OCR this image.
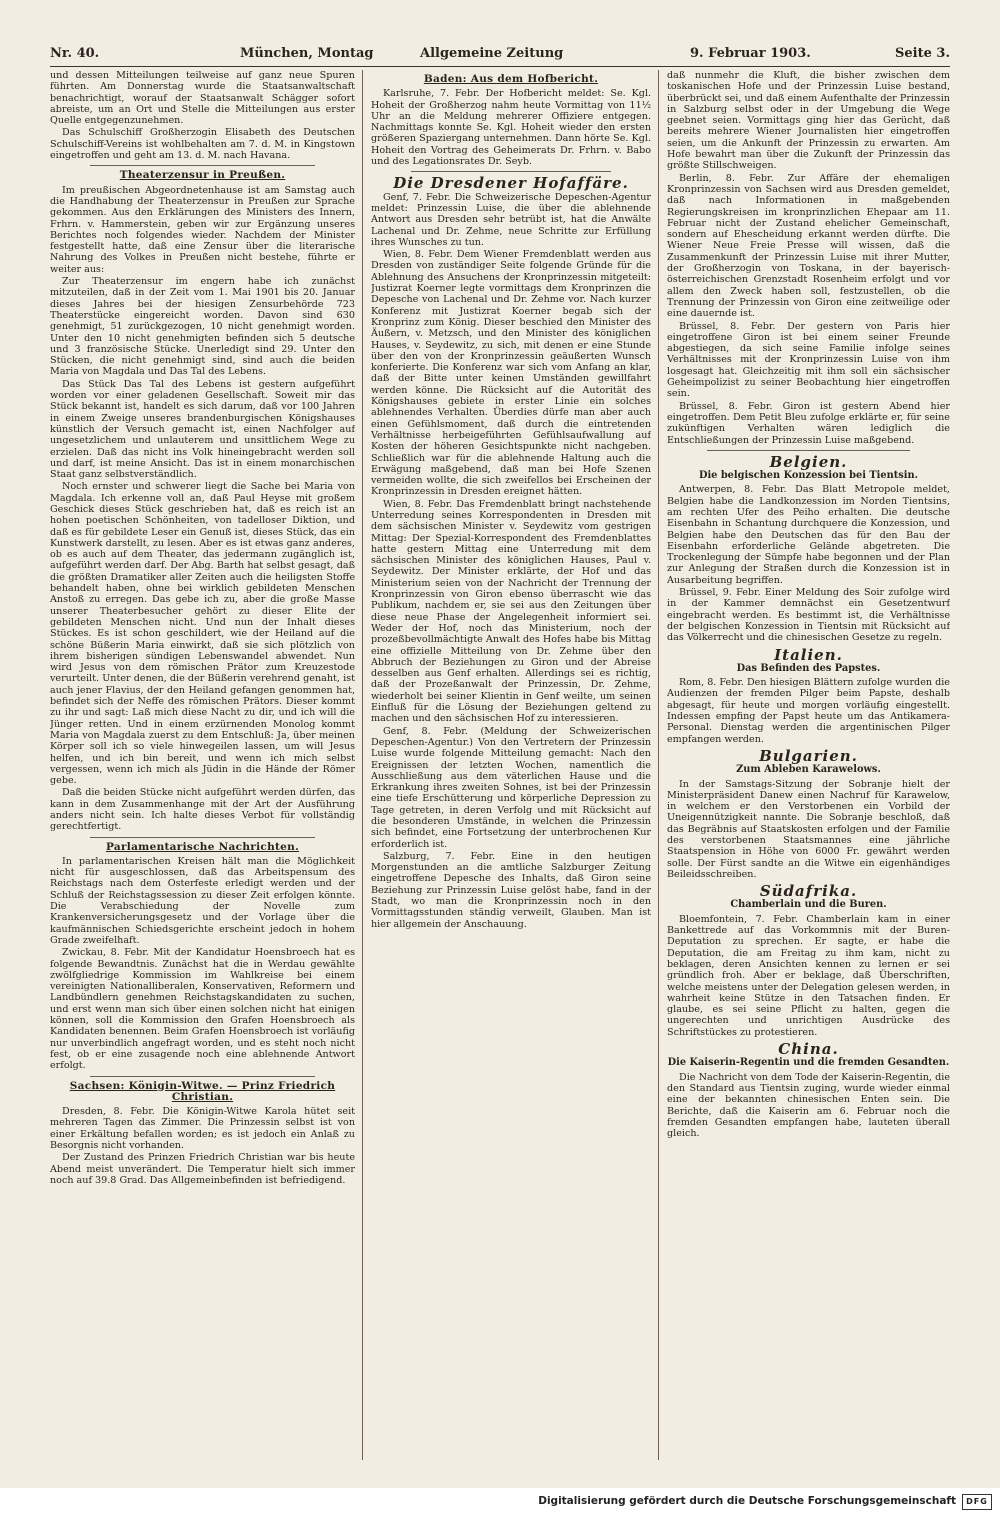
Nr. 40.	München, Montag	Allgemeine Zeitung	9. Februar 1903.	Seite 3.

und dessen Mitteilungen teilweise auf ganz neue Spuren führten. Am Donnerstag wurde die Staatsanwaltschaft benachrichtigt, worauf der Staatsanwalt Schägger sofort abreiste, um an Ort und Stelle die Mitteilungen aus erster Quelle entgegenzunehmen.

Das Schulschiff Großherzogin Elisabeth des Deutschen Schulschiff-Vereins ist wohlbehalten am 7. d. M. in Kingstown eingetroffen und geht am 13. d. M. nach Havana.

Theaterzensur in Preußen.

Im preußischen Abgeordnetenhause ist am Samstag auch die Handhabung der Theaterzensur in Preußen zur Sprache gekommen. Aus den Erklärungen des Ministers des Innern, Frhrn. v. Hammerstein, geben wir zur Ergänzung unseres Berichtes noch folgendes wieder. Nachdem der Minister festgestellt hatte, daß eine Zensur über die literarische Nahrung des Volkes in Preußen nicht bestehe, führte er weiter aus:

Zur Theaterzensur im engern habe ich zunächst mitzuteilen, daß in der Zeit vom 1. Mai 1901 bis 20. Januar dieses Jahres bei der hiesigen Zensurbehörde 723 Theaterstücke eingereicht worden. Davon sind 630 genehmigt, 51 zurückgezogen, 10 nicht genehmigt worden. Unter den 10 nicht genehmigten befinden sich 5 deutsche und 3 französische Stücke. Unerledigt sind 29. Unter den Stücken, die nicht genehmigt sind, sind auch die beiden Maria von Magdala und Das Tal des Lebens.

Das Stück Das Tal des Lebens ist gestern aufgeführt worden vor einer geladenen Gesellschaft. Soweit mir das Stück bekannt ist, handelt es sich darum, daß vor 100 Jahren in einem Zweige unseres brandenburgischen Königshauses künstlich der Versuch gemacht ist, einen Nachfolger auf ungesetzlichem und unlauterem und unsittlichem Wege zu erzielen. Daß das nicht ins Volk hineingebracht werden soll und darf, ist meine Ansicht. Das ist in einem monarchischen Staat ganz selbstverständlich.

Noch ernster und schwerer liegt die Sache bei Maria von Magdala. Ich erkenne voll an, daß Paul Heyse mit großem Geschick dieses Stück geschrieben hat, daß es reich ist an hohen poetischen Schönheiten, von tadelloser Diktion, und daß es für gebildete Leser ein Genuß ist, dieses Stück, das ein Kunstwerk darstellt, zu lesen. Aber es ist etwas ganz anderes, ob es auch auf dem Theater, das jedermann zugänglich ist, aufgeführt werden darf. Der Abg. Barth hat selbst gesagt, daß die größten Dramatiker aller Zeiten auch die heiligsten Stoffe behandelt haben, ohne bei wirklich gebildeten Menschen Anstoß zu erregen. Das gebe ich zu, aber die große Masse unserer Theaterbesucher gehört zu dieser Elite der gebildeten Menschen nicht. Und nun der Inhalt dieses Stückes. Es ist schon geschildert, wie der Heiland auf die schöne Büßerin Maria einwirkt, daß sie sich plötzlich von ihrem bisherigen sündigen Lebenswandel abwendet. Nun wird Jesus von dem römischen Prätor zum Kreuzestode verurteilt. Unter denen, die der Büßerin verehrend genaht, ist auch jener Flavius, der den Heiland gefangen genommen hat, befindet sich der Neffe des römischen Prätors. Dieser kommt zu ihr und sagt: Laß mich diese Nacht zu dir, und ich will die Jünger retten. Und in einem erzürnenden Monolog kommt Maria von Magdala zuerst zu dem Entschluß: Ja, über meinen Körper soll ich so viele hinwegeilen lassen, um will Jesus helfen, und ich bin bereit, und wenn ich mich selbst vergessen, wenn ich mich als Jüdin in die Hände der Römer gebe.

Daß die beiden Stücke nicht aufgeführt werden dürfen, das kann in dem Zusammenhange mit der Art der Ausführung anders nicht sein. Ich halte dieses Verbot für vollständig gerechtfertigt.

Parlamentarische Nachrichten.

In parlamentarischen Kreisen hält man die Möglichkeit nicht für ausgeschlossen, daß das Arbeitspensum des Reichstags nach dem Osterfeste erledigt werden und der Schluß der Reichstagssession zu dieser Zeit erfolgen könnte. Die Verabschiedung der Novelle zum Krankenversicherungsgesetz und der Vorlage über die kaufmännischen Schiedsgerichte erscheint jedoch in hohem Grade zweifelhaft.

Zwickau, 8. Febr. Mit der Kandidatur Hoensbroech hat es folgende Bewandtnis. Zunächst hat die in Werdau gewählte zwölfgliedrige Kommission im Wahlkreise bei einem vereinigten Nationalliberalen, Konservativen, Reformern und Landbündlern genehmen Reichstagskandidaten zu suchen, und erst wenn man sich über einen solchen nicht hat einigen können, soll die Kommission den Grafen Hoensbroech als Kandidaten benennen. Beim Grafen Hoensbroech ist vorläufig nur unverbindlich angefragt worden, und es steht noch nicht fest, ob er eine zusagende noch eine ablehnende Antwort erfolgt.

Sachsen: Königin-Witwe. — Prinz Friedrich Christian.

Dresden, 8. Febr. Die Königin-Witwe Karola hütet seit mehreren Tagen das Zimmer. Die Prinzessin selbst ist von einer Erkältung befallen worden; es ist jedoch ein Anlaß zu Besorgnis nicht vorhanden.

Der Zustand des Prinzen Friedrich Christian war bis heute Abend meist unverändert. Die Temperatur hielt sich immer noch auf 39.8 Grad. Das Allgemeinbefinden ist befriedigend.

Baden: Aus dem Hofbericht.

Karlsruhe, 7. Febr. Der Hofbericht meldet: Se. Kgl. Hoheit der Großherzog nahm heute Vormittag von 11½ Uhr an die Meldung mehrerer Offiziere entgegen. Nachmittags konnte Se. Kgl. Hoheit wieder den ersten größeren Spaziergang unternehmen. Dann hörte Se. Kgl. Hoheit den Vortrag des Geheimerats Dr. Frhrn. v. Babo und des Legationsrates Dr. Seyb.

Die Dresdener Hofaffäre.

Genf, 7. Febr. Die Schweizerische Depeschen-Agentur meldet: Prinzessin Luise, die über die ablehnende Antwort aus Dresden sehr betrübt ist, hat die Anwälte Lachenal und Dr. Zehme, neue Schritte zur Erfüllung ihres Wunsches zu tun.

Wien, 8. Febr. Dem Wiener Fremdenblatt werden aus Dresden von zuständiger Seite folgende Gründe für die Ablehnung des Ansuchens der Kronprinzessin mitgeteilt: Justizrat Koerner legte vormittags dem Kronprinzen die Depesche von Lachenal und Dr. Zehme vor. Nach kurzer Konferenz mit Justizrat Koerner begab sich der Kronprinz zum König. Dieser beschied den Minister des Äußern, v. Metzsch, und den Minister des königlichen Hauses, v. Seydewitz, zu sich, mit denen er eine Stunde über den von der Kronprinzessin geäußerten Wunsch konferierte. Die Konferenz war sich vom Anfang an klar, daß der Bitte unter keinen Umständen gewillfahrt werden könne. Die Rücksicht auf die Autorität des Königshauses gebiete in erster Linie ein solches ablehnendes Verhalten. Überdies dürfe man aber auch einen Gefühlsmoment, daß durch die eintretenden Verhältnisse herbeigeführten Gefühlsaufwallung auf Kosten der höheren Gesichtspunkte nicht nachgeben. Schließlich war für die ablehnende Haltung auch die Erwägung maßgebend, daß man bei Hofe Szenen vermeiden wollte, die sich zweifellos bei Erscheinen der Kronprinzessin in Dresden ereignet hätten.

Wien, 8. Febr. Das Fremdenblatt bringt nachstehende Unterredung seines Korrespondenten in Dresden mit dem sächsischen Minister v. Seydewitz vom gestrigen Mittag: Der Spezial-Korrespondent des Fremdenblattes hatte gestern Mittag eine Unterredung mit dem sächsischen Minister des königlichen Hauses, Paul v. Seydewitz. Der Minister erklärte, der Hof und das Ministerium seien von der Nachricht der Trennung der Kronprinzessin von Giron ebenso überrascht wie das Publikum, nachdem er, sie sei aus den Zeitungen über diese neue Phase der Angelegenheit informiert sei. Weder der Hof, noch das Ministerium, noch der prozeßbevollmächtigte Anwalt des Hofes habe bis Mittag eine offizielle Mitteilung von Dr. Zehme über den Abbruch der Beziehungen zu Giron und der Abreise desselben aus Genf erhalten. Allerdings sei es richtig, daß der Prozeßanwalt der Prinzessin, Dr. Zehme, wiederholt bei seiner Klientin in Genf weilte, um seinen Einfluß für die Lösung der Beziehungen geltend zu machen und den sächsischen Hof zu interessieren.

Genf, 8. Febr. (Meldung der Schweizerischen Depeschen-Agentur.) Von den Vertretern der Prinzessin Luise wurde folgende Mitteilung gemacht: Nach den Ereignissen der letzten Wochen, namentlich die Ausschließung aus dem väterlichen Hause und die Erkrankung ihres zweiten Sohnes, ist bei der Prinzessin eine tiefe Erschütterung und körperliche Depression zu Tage getreten, in deren Verfolg und mit Rücksicht auf die besonderen Umstände, in welchen die Prinzessin sich befindet, eine Fortsetzung der unterbrochenen Kur erforderlich ist.

Salzburg, 7. Febr. Eine in den heutigen Morgenstunden an die amtliche Salzburger Zeitung eingetroffene Depesche des Inhalts, daß Giron seine Beziehung zur Prinzessin Luise gelöst habe, fand in der Stadt, wo man die Kronprinzessin noch in den Vormittagsstunden ständig verweilt, Glauben. Man ist hier allgemein der Anschauung.

daß nunmehr die Kluft, die bisher zwischen dem toskanischen Hofe und der Prinzessin Luise bestand, überbrückt sei, und daß einem Aufenthalte der Prinzessin in Salzburg selbst oder in der Umgebung die Wege geebnet seien. Vormittags ging hier das Gerücht, daß bereits mehrere Wiener Journalisten hier eingetroffen seien, um die Ankunft der Prinzessin zu erwarten. Am Hofe bewahrt man über die Zukunft der Prinzessin das größte Stillschweigen.

Berlin, 8. Febr. Zur Affäre der ehemaligen Kronprinzessin von Sachsen wird aus Dresden gemeldet, daß nach Informationen in maßgebenden Regierungskreisen im kronprinzlichen Ehepaar am 11. Februar nicht der Zustand ehelicher Gemeinschaft, sondern auf Ehescheidung erkannt werden dürfte. Die Wiener Neue Freie Presse will wissen, daß die Zusammenkunft der Prinzessin Luise mit ihrer Mutter, der Großherzogin von Toskana, in der bayerisch-österreichischen Grenzstadt Rosenheim erfolgt und vor allem den Zweck haben soll, festzustellen, ob die Trennung der Prinzessin von Giron eine zeitweilige oder eine dauernde ist.

Brüssel, 8. Febr. Der gestern von Paris hier eingetroffene Giron ist bei einem seiner Freunde abgestiegen, da sich seine Familie infolge seines Verhältnisses mit der Kronprinzessin Luise von ihm losgesagt hat. Gleichzeitig mit ihm soll ein sächsischer Geheimpolizist zu seiner Beobachtung hier eingetroffen sein.

Brüssel, 8. Febr. Giron ist gestern Abend hier eingetroffen. Dem Petit Bleu zufolge erklärte er, für seine zukünftigen Verhalten wären lediglich die Entschließungen der Prinzessin Luise maßgebend.

Belgien.
Die belgischen Konzession bei Tientsin.

Antwerpen, 8. Febr. Das Blatt Metropole meldet, Belgien habe die Landkonzession im Norden Tientsins, am rechten Ufer des Peiho erhalten. Die deutsche Eisenbahn in Schantung durchquere die Konzession, und Belgien habe den Deutschen das für den Bau der Eisenbahn erforderliche Gelände abgetreten. Die Trockenlegung der Sümpfe habe begonnen und der Plan zur Anlegung der Straßen durch die Konzession ist in Ausarbeitung begriffen.

Brüssel, 9. Febr. Einer Meldung des Soir zufolge wird in der Kammer demnächst ein Gesetzentwurf eingebracht werden. Es bestimmt ist, die Verhältnisse der belgischen Konzession in Tientsin mit Rücksicht auf das Völkerrecht und die chinesischen Gesetze zu regeln.

Italien.
Das Befinden des Papstes.

Rom, 8. Febr. Den hiesigen Blättern zufolge wurden die Audienzen der fremden Pilger beim Papste, deshalb abgesagt, für heute und morgen vorläufig eingestellt. Indessen empfing der Papst heute um das Antikamera-Personal. Dienstag werden die argentinischen Pilger empfangen werden.

Bulgarien.
Zum Ableben Karawelows.

In der Samstags-Sitzung der Sobranje hielt der Ministerpräsident Danew einen Nachruf für Karawelow, in welchem er den Verstorbenen ein Vorbild der Uneigennützigkeit nannte. Die Sobranje beschloß, daß das Begräbnis auf Staatskosten erfolgen und der Familie des verstorbenen Staatsmannes eine jährliche Staatspension in Höhe von 6000 Fr. gewährt werden solle. Der Fürst sandte an die Witwe ein eigenhändiges Beileidsschreiben.

Südafrika.
Chamberlain und die Buren.

Bloemfontein, 7. Febr. Chamberlain kam in einer Bankettrede auf das Vorkommnis mit der Buren-Deputation zu sprechen. Er sagte, er habe die Deputation, die am Freitag zu ihm kam, nicht zu beklagen, deren Ansichten kennen zu lernen er sei gründlich froh. Aber er beklage, daß Überschriften, welche meistens unter der Delegation gelesen werden, in wahrheit keine Stütze in den Tatsachen finden. Er glaube, es sei seine Pflicht zu halten, gegen die ungerechten und unrichtigen Ausdrücke des Schriftstückes zu protestieren.

China.
Die Kaiserin-Regentin und die fremden Gesandten.

Die Nachricht von dem Tode der Kaiserin-Regentin, die den Standard aus Tientsin zuging, wurde wieder einmal eine der bekannten chinesischen Enten sein. Die Berichte, daß die Kaiserin am 6. Februar noch die fremden Gesandten empfangen habe, lauteten überall gleich.

Digitalisierung gefördert durch die Deutsche Forschungsgemeinschaft	DFG
